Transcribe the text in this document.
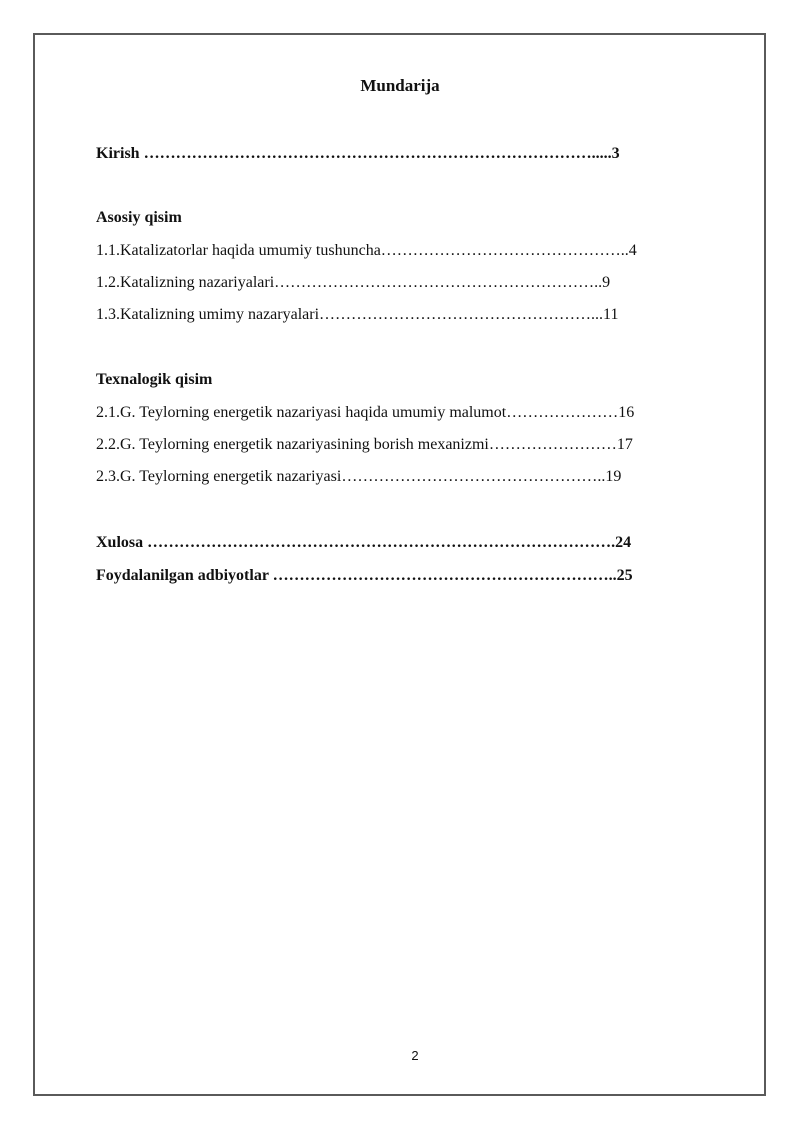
Mundarija
Kirish ………………………………………………………………………….....3
Asosiy qisim
1.1.Katalizatorlar haqida umumiy tushuncha………………………………………..4
1.2.Katalizning nazariyalari……………………………………………………..9
1.3.Katalizning umimy nazaryalari……………………………………………...11
Texnalogik qisim
2.1.G. Teylorning energetik nazariyasi haqida umumiy malumot…………………16
2.2.G. Teylorning energetik nazariyasining borish mexanizmi……………………17
2.3.G. Teylorning energetik nazariyasi…………………………………………..19
Xulosa …………………………………………………………………………….24
Foydalanilgan adbiyotlar ………………………………………………………..25
2
